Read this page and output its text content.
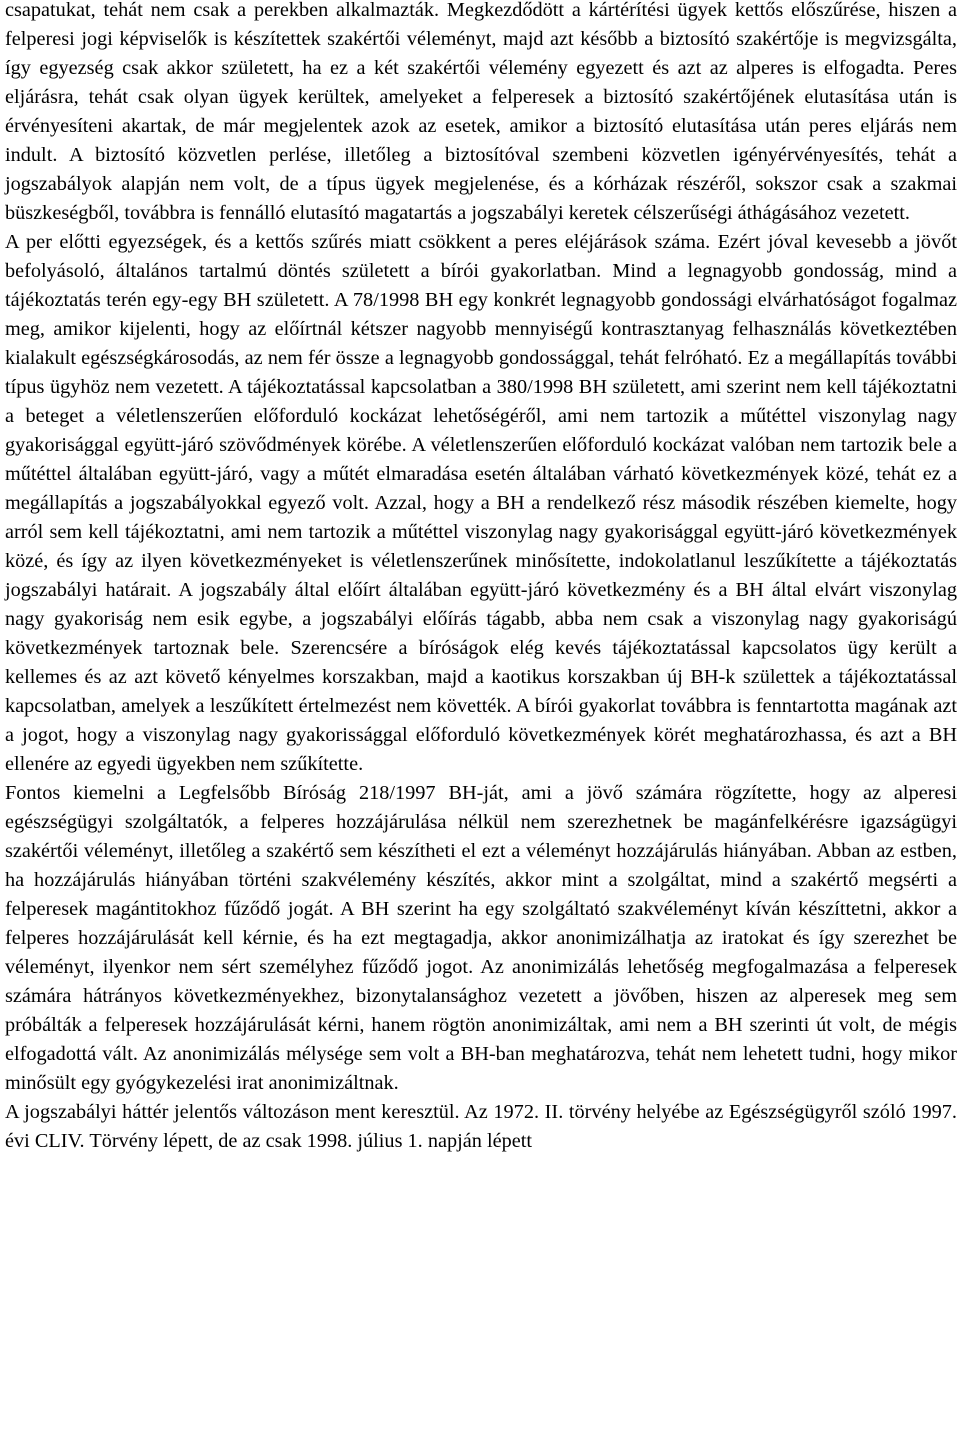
csapatukat, tehát nem csak a perekben alkalmazták. Megkezdődött a kártérítési ügyek kettős előszűrése, hiszen a felperesi jogi képviselők is készítettek szakértői véleményt, majd azt később a biztosító szakértője is megvizsgálta, így egyezség csak akkor született, ha ez a két szakértői vélemény egyezett és azt az alperes is elfogadta. Peres eljárásra, tehát csak olyan ügyek kerültek, amelyeket a felperesek a biztosító szakértőjének elutasítása után is érvényesíteni akartak, de már megjelentek azok az esetek, amikor a biztosító elutasítása után peres eljárás nem indult. A biztosító közvetlen perlése, illetőleg a biztosítóval szembeni közvetlen igényérvényesítés, tehát a jogszabályok alapján nem volt, de a típus ügyek megjelenése, és a kórházak részéről, sokszor csak a szakmai büszkeségből, továbbra is fennálló elutasító magatartás a jogszabályi keretek célszerűségi áthágásához vezetett.

A per előtti egyezségek, és a kettős szűrés miatt csökkent a peres eléjárások száma. Ezért jóval kevesebb a jövőt befolyásoló, általános tartalmú döntés született a bírói gyakorlatban. Mind a legnagyobb gondosság, mind a tájékoztatás terén egy-egy BH született. A 78/1998 BH egy konkrét legnagyobb gondossági elvárhatóságot fogalmaz meg, amikor kijelenti, hogy az előírtnál kétszer nagyobb mennyiségű kontrasztanyag felhasználás következtében kialakult egészségkárosodás, az nem fér össze a legnagyobb gondossággal, tehát felróható. Ez a megállapítás további típus ügyhöz nem vezetett. A tájékoztatással kapcsolatban a 380/1998 BH született, ami szerint nem kell tájékoztatni a beteget a véletlenszerűen előforduló kockázat lehetőségéről, ami nem tartozik a műtéttel viszonylag nagy gyakorisággal együtt-járó szövődmények körébe. A véletlenszerűen előforduló kockázat valóban nem tartozik bele a műtéttel általában együtt-járó, vagy a műtét elmaradása esetén általában várható következmények közé, tehát ez a megállapítás a jogszabályokkal egyező volt. Azzal, hogy a BH a rendelkező rész második részében kiemelte, hogy arról sem kell tájékoztatni, ami nem tartozik a műtéttel viszonylag nagy gyakorisággal együtt-járó következmények közé, és így az ilyen következményeket is véletlenszerűnek minősítette, indokolatlanul leszűkítette a tájékoztatás jogszabályi határait. A jogszabály által előírt általában együtt-járó következmény és a BH által elvárt viszonylag nagy gyakoriság nem esik egybe, a jogszabályi előírás tágabb, abba nem csak a viszonylag nagy gyakoriságú következmények tartoznak bele. Szerencsére a bíróságok elég kevés tájékoztatással kapcsolatos ügy került a kellemes és az azt követő kényelmes korszakban, majd a kaotikus korszakban új BH-k születtek a tájékoztatással kapcsolatban, amelyek a leszűkített értelmezést nem követték. A bírói gyakorlat továbbra is fenntartotta magának azt a jogot, hogy a viszonylag nagy gyakorissággal előforduló következmények körét meghatározhassa, és azt a BH ellenére az egyedi ügyekben nem szűkítette.

Fontos kiemelni a Legfelsőbb Bíróság 218/1997 BH-ját, ami a jövő számára rögzítette, hogy az alperesi egészségügyi szolgáltatók, a felperes hozzájárulása nélkül nem szerezhetnek be magánfelkérésre igazságügyi szakértői véleményt, illetőleg a szakértő sem készítheti el ezt a véleményt hozzájárulás hiányában. Abban az estben, ha hozzájárulás hiányában történi szakvélemény készítés, akkor mint a szolgáltat, mind a szakértő megsérti a felperesek magántitokhoz fűződő jogát. A BH szerint ha egy szolgáltató szakvéleményt kíván készíttetni, akkor a felperes hozzájárulását kell kérnie, és ha ezt megtagadja, akkor anonimizálhatja az iratokat és így szerezhet be véleményt, ilyenkor nem sért személyhez fűződő jogot. Az anonimizálás lehetőség megfogalmazása a felperesek számára hátrányos következményekhez, bizonytalansághoz vezetett a jövőben, hiszen az alperesek meg sem próbálták a felperesek hozzájárulását kérni, hanem rögtön anonimizáltak, ami nem a BH szerinti út volt, de mégis elfogadottá vált. Az anonimizálás mélysége sem volt a BH-ban meghatározva, tehát nem lehetett tudni, hogy mikor minősült egy gyógykezelési irat anonimizáltnak.

A jogszabályi háttér jelentős változáson ment keresztül. Az 1972. II. törvény helyébe az Egészségügyről szóló 1997. évi CLIV. Törvény lépett, de az csak 1998. július 1. napján lépett
